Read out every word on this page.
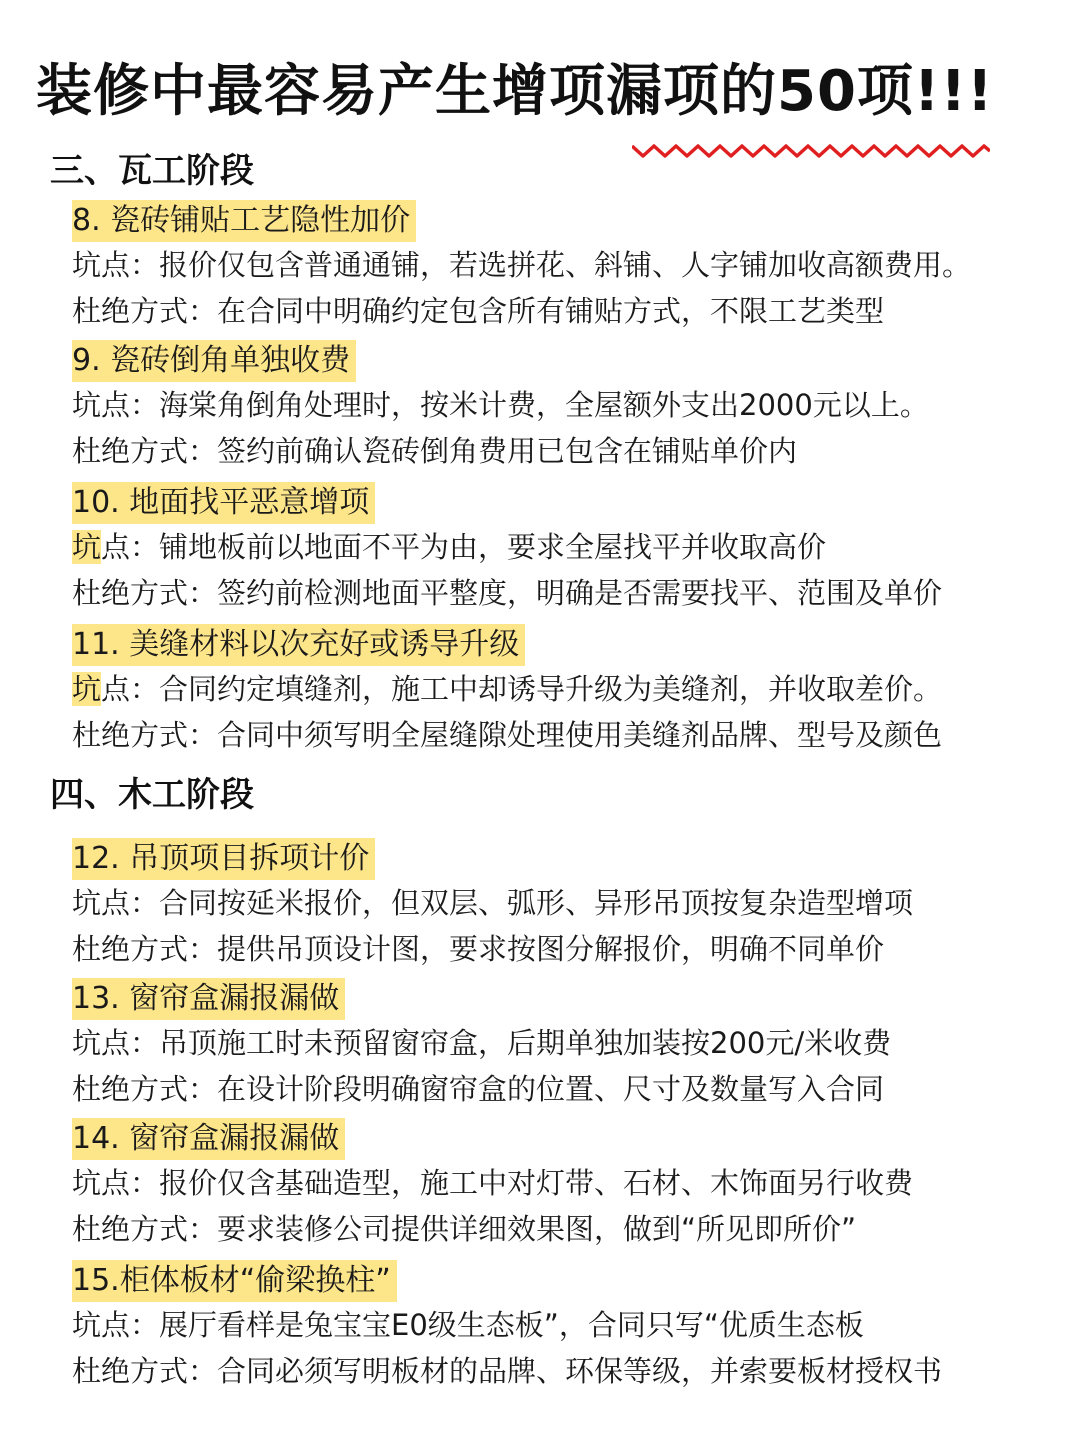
装修中最容易产生增项漏项的50项!!!
三、瓦工阶段
8. 瓷砖铺贴工艺隐性加价
坑点：报价仅包含普通通铺，若选拼花、斜铺、人字铺加收高额费用。
杜绝方式：在合同中明确约定包含所有铺贴方式，不限工艺类型
9. 瓷砖倒角单独收费
坑点：海棠角倒角处理时，按米计费，全屋额外支出2000元以上。
杜绝方式：签约前确认瓷砖倒角费用已包含在铺贴单价内
10. 地面找平恶意增项
坑点：铺地板前以地面不平为由，要求全屋找平并收取高价
杜绝方式：签约前检测地面平整度，明确是否需要找平、范围及单价
11. 美缝材料以次充好或诱导升级
坑点：合同约定填缝剂，施工中却诱导升级为美缝剂，并收取差价。
杜绝方式：合同中须写明全屋缝隙处理使用美缝剂品牌、型号及颜色
四、木工阶段
12. 吊顶项目拆项计价
坑点：合同按延米报价，但双层、弧形、异形吊顶按复杂造型增项
杜绝方式：提供吊顶设计图，要求按图分解报价，明确不同单价
13. 窗帘盒漏报漏做
坑点：吊顶施工时未预留窗帘盒，后期单独加装按200元/米收费
杜绝方式：在设计阶段明确窗帘盒的位置、尺寸及数量写入合同
14. 窗帘盒漏报漏做
坑点：报价仅含基础造型，施工中对灯带、石材、木饰面另行收费
杜绝方式：要求装修公司提供详细效果图，做到“所见即所价”
15.柜体板材“偷梁换柱”
坑点：展厅看样是兔宝宝E0级生态板”，合同只写“优质生态板
杜绝方式：合同必须写明板材的品牌、环保等级，并索要板材授权书
